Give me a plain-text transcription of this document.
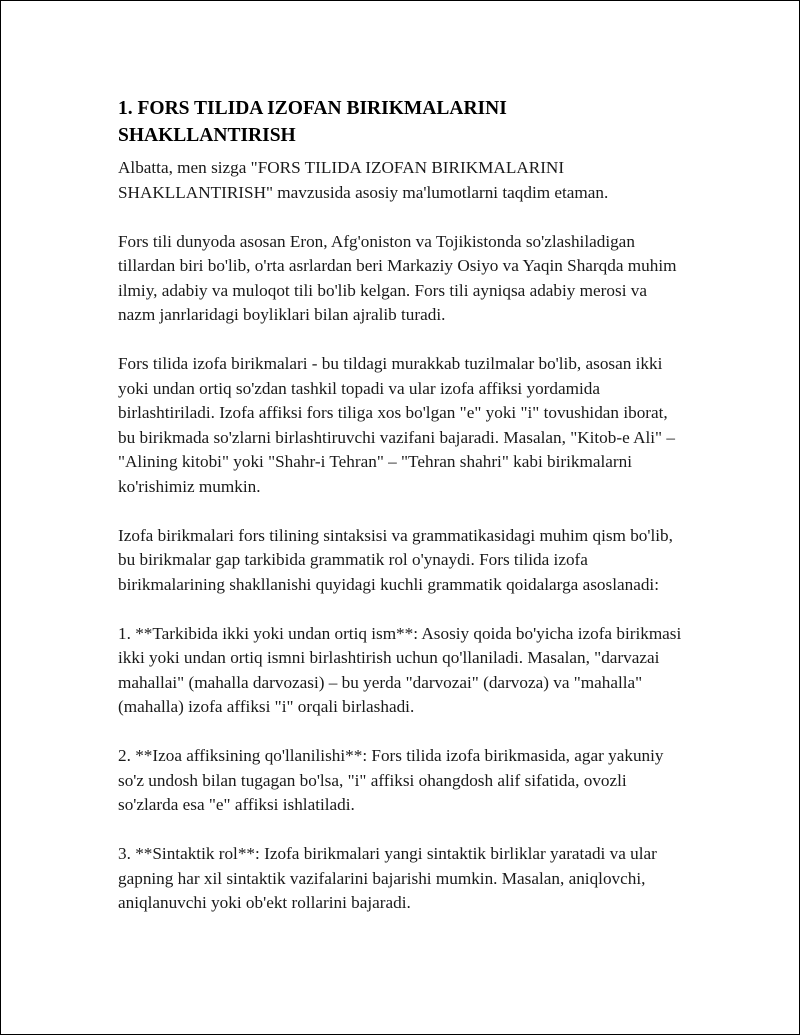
1. FORS TILIDA IZOFAN BIRIKMALARINI SHAKLLANTIRISH

Albatta, men sizga "FORS TILIDA IZOFAN BIRIKMALARINI SHAKLLANTIRISH" mavzusida asosiy ma'lumotlarni taqdim etaman.

Fors tili dunyoda asosan Eron, Afg'oniston va Tojikistonda so'zlashiladigan tillardan biri bo'lib, o'rta asrlardan beri Markaziy Osiyo va Yaqin Sharqda muhim ilmiy, adabiy va muloqot tili bo'lib kelgan. Fors tili ayniqsa adabiy merosi va nazm janrlaridagi boyliklari bilan ajralib turadi.

Fors tilida izofa birikmalari - bu tildagi murakkab tuzilmalar bo'lib, asosan ikki yoki undan ortiq so'zdan tashkil topadi va ular izofa affiksi yordamida birlashtiriladi. Izofa affiksi fors tiliga xos bo'lgan "e" yoki "i" tovushidan iborat, bu birikmada so'zlarni birlashtiruvchi vazifani bajaradi. Masalan, "Kitob-e Ali" – "Alining kitobi" yoki "Shahr-i Tehran" – "Tehran shahri" kabi birikmalarni ko'rishimiz mumkin.

Izofa birikmalari fors tilining sintaksisi va grammatikasidagi muhim qism bo'lib, bu birikmalar gap tarkibida grammatik rol o'ynaydi. Fors tilida izofa birikmalarining shakllanishi quyidagi kuchli grammatik qoidalarga asoslanadi:

1. **Tarkibida ikki yoki undan ortiq ism**: Asosiy qoida bo'yicha izofa birikmasi ikki yoki undan ortiq ismni birlashtirish uchun qo'llaniladi. Masalan, "darvazai mahallai" (mahalla darvozasi) – bu yerda "darvozai" (darvoza) va "mahalla" (mahalla) izofa affiksi "i" orqali birlashadi.

2. **Izoa affiksining qo'llanilishi**: Fors tilida izofa birikmasida, agar yakuniy so'z undosh bilan tugagan bo'lsa, "i" affiksi ohangdosh alif sifatida, ovozli so'zlarda esa "e" affiksi ishlatiladi.

3. **Sintaktik rol**: Izofa birikmalari yangi sintaktik birliklar yaratadi va ular gapning har xil sintaktik vazifalarini bajarishi mumkin. Masalan, aniqlovchi, aniqlanuvchi yoki ob'ekt rollarini bajaradi.
